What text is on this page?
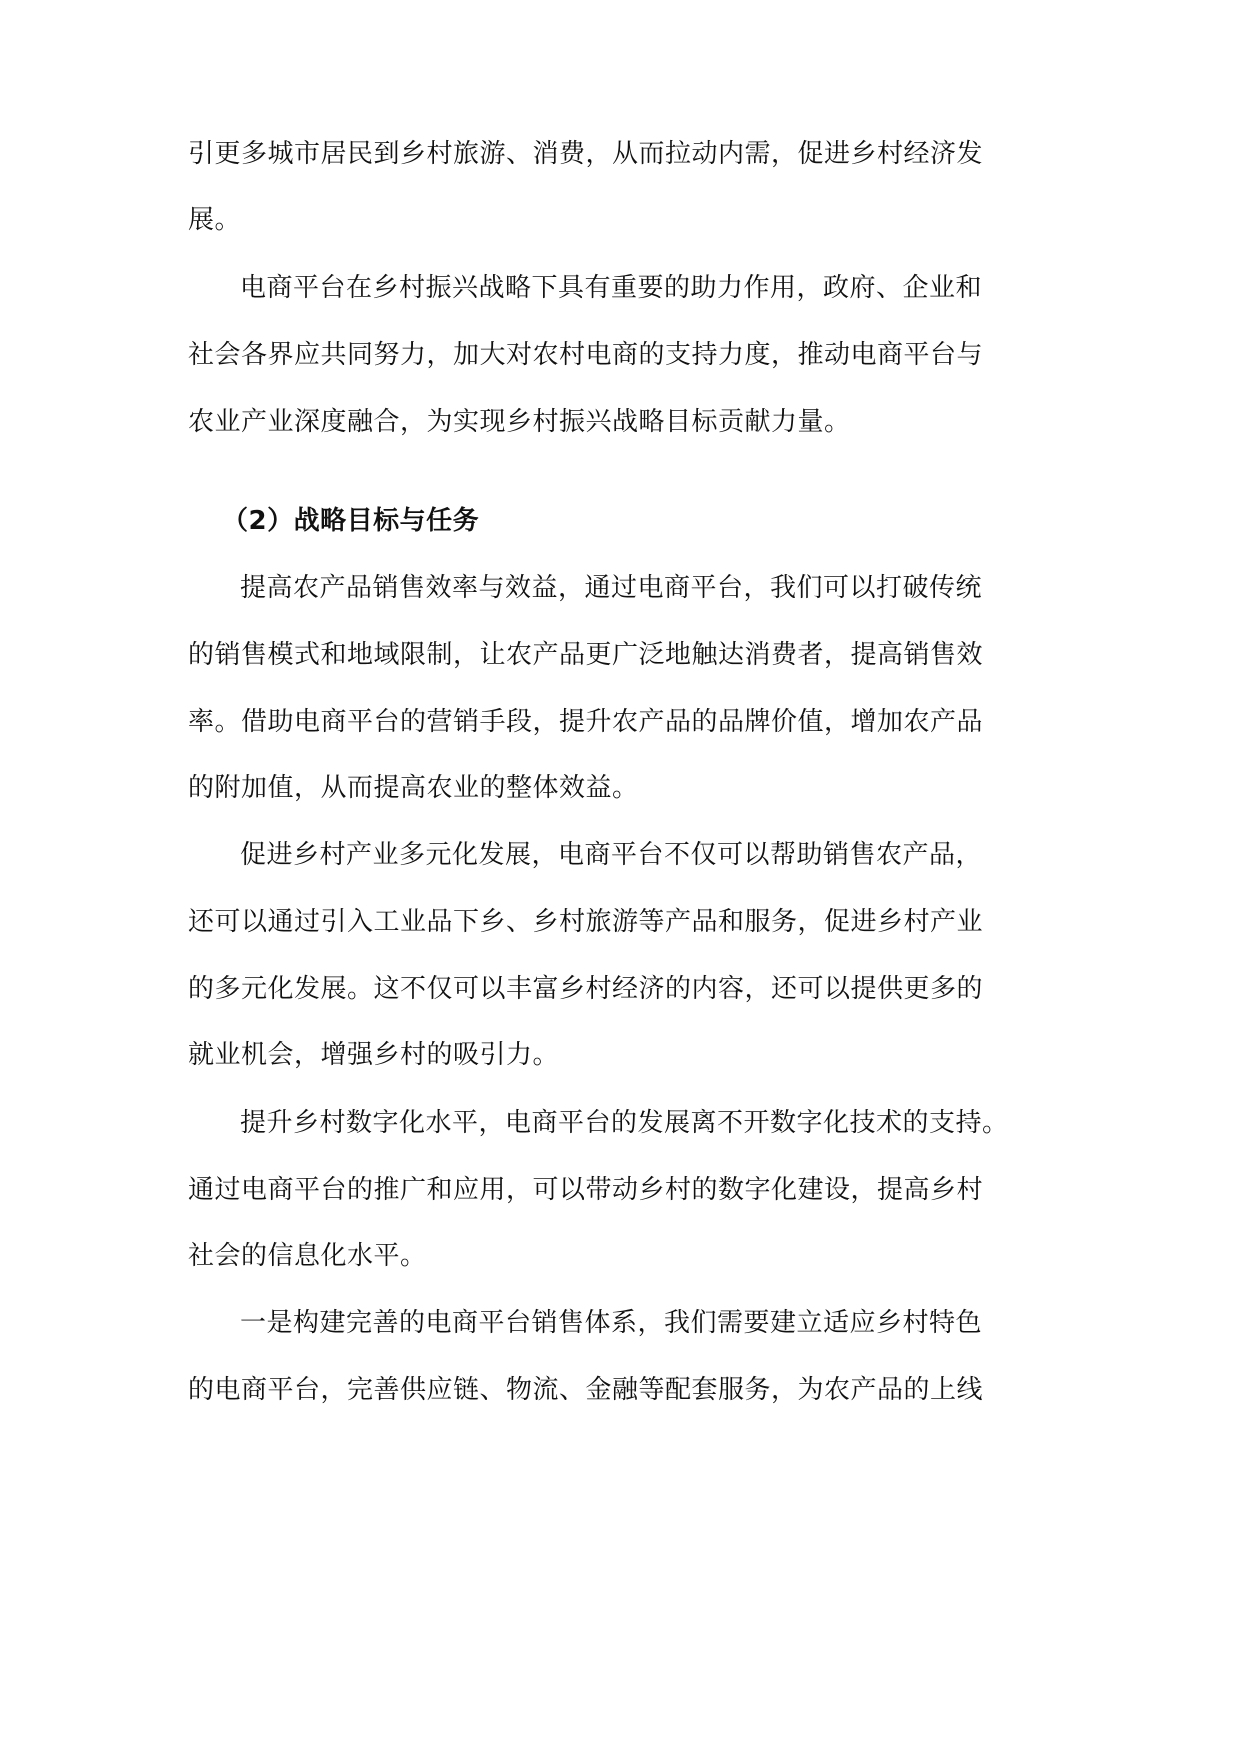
引更多城市居民到乡村旅游、消费，从而拉动内需，促进乡村经济发
展。
电商平台在乡村振兴战略下具有重要的助力作用，政府、企业和
社会各界应共同努力，加大对农村电商的支持力度，推动电商平台与
农业产业深度融合，为实现乡村振兴战略目标贡献力量。
（2）战略目标与任务
提高农产品销售效率与效益，通过电商平台，我们可以打破传统
的销售模式和地域限制，让农产品更广泛地触达消费者，提高销售效
率。借助电商平台的营销手段，提升农产品的品牌价值，增加农产品
的附加值，从而提高农业的整体效益。
促进乡村产业多元化发展，电商平台不仅可以帮助销售农产品，
还可以通过引入工业品下乡、乡村旅游等产品和服务，促进乡村产业
的多元化发展。这不仅可以丰富乡村经济的内容，还可以提供更多的
就业机会，增强乡村的吸引力。
提升乡村数字化水平，电商平台的发展离不开数字化技术的支持。
通过电商平台的推广和应用，可以带动乡村的数字化建设，提高乡村
社会的信息化水平。
一是构建完善的电商平台销售体系，我们需要建立适应乡村特色
的电商平台，完善供应链、物流、金融等配套服务，为农产品的上线
